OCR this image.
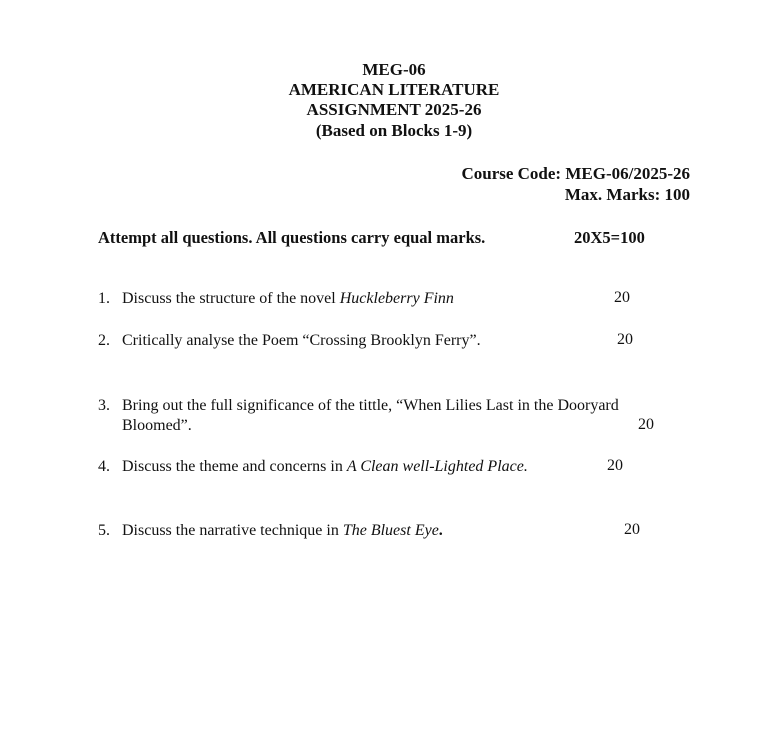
MEG-06
AMERICAN LITERATURE
ASSIGNMENT 2025-26
(Based on Blocks 1-9)
Course Code: MEG-06/2025-26
Max. Marks: 100
Attempt all questions. All questions carry equal marks.	20X5=100
1. Discuss the structure of the novel Huckleberry Finn	20
2. Critically analyse the Poem “Crossing Brooklyn Ferry”.	20
3. Bring out the full significance of the tittle, “When Lilies Last in the Dooryard
Bloomed”.	20
4. Discuss the theme and concerns in A Clean well-Lighted Place.	20
5. Discuss the narrative technique in The Bluest Eye.	20
